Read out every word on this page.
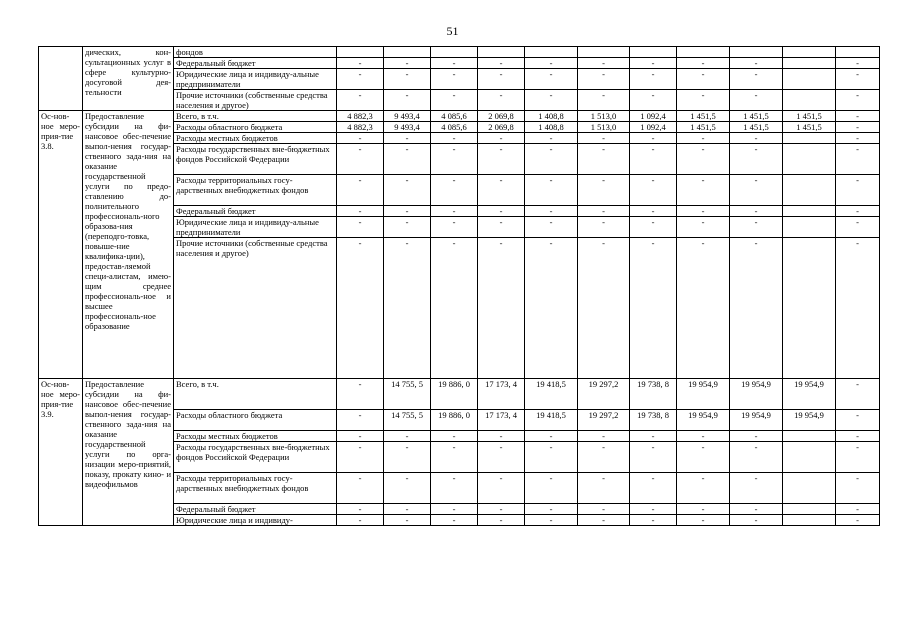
51
	дических, кон-сультационных услуг в сфере культурно-досуговой дея-тельности	фондов											
		Федеральный бюджет	-	-	-	-	-	-	-	-	-		-
		Юридические лица и индивиду-альные предприниматели	-	-	-	-	-	-	-	-	-		-
		Прочие источники (собственные средства населения и другое)	-	-	-	-	-	-	-	-	-		-
Ос-нов-ное меро-прия-тие 3.8.	Предоставление субсидии на фи-нансовое обес-печение выпол-нения государ-ственного зада-ния на оказание государственной услуги по предо-ставлению до-полнительного профессиональ-ного образова-ния (переподго-товка, повыше-ние квалифика-ции), предостав-ляемой специ-алистам, имею-щим среднее профессиональ-ное и высшее профессиональ-ное образование	Всего, в т.ч.	4 882,3	9 493,4	4 085,6	2 069,8	1 408,8	1 513,0	1 092,4	1 451,5	1 451,5	1 451,5	-
		Расходы областного бюджета	4 882,3	9 493,4	4 085,6	2 069,8	1 408,8	1 513,0	1 092,4	1 451,5	1 451,5	1 451,5	-
		Расходы местных бюджетов	-	-	-	-	-	-	-	-	-		-
		Расходы государственных вне-бюджетных фондов Российской Федерации	-	-	-	-	-	-	-	-	-		-
		Расходы территориальных госу-дарственных внебюджетных фондов	-	-	-	-	-	-	-	-	-		-
		Федеральный бюджет	-	-	-	-	-	-	-	-	-		-
		Юридические лица и индивиду-альные предприниматели	-	-	-	-	-	-	-	-	-		-
		Прочие источники (собственные средства населения и другое)	-	-	-	-	-	-	-	-	-		-
Ос-нов-ное меро-прия-тие 3.9.	Предоставление субсидии на фи-нансовое обес-печение выпол-нения государ-ственного зада-ния на оказание государственной услуги по орга-низации меро-приятий, показу, прокату кино- и видеофильмов	Всего, в т.ч.	-	14 755, 5	19 886, 0	17 173, 4	19 418,5	19 297,2	19 738, 8	19 954,9	19 954,9	19 954,9	-
		Расходы областного бюджета	-	14 755, 5	19 886, 0	17 173, 4	19 418,5	19 297,2	19 738, 8	19 954,9	19 954,9	19 954,9	-
		Расходы местных бюджетов	-	-	-	-	-	-	-	-	-		-
		Расходы государственных вне-бюджетных фондов Российской Федерации	-	-	-	-	-	-	-	-	-		-
		Расходы территориальных госу-дарственных внебюджетных фондов	-	-	-	-	-	-	-	-	-		-
		Федеральный бюджет	-	-	-	-	-	-	-	-	-		-
		Юридические лица и индивиду-	-	-	-	-	-	-	-	-	-		-
